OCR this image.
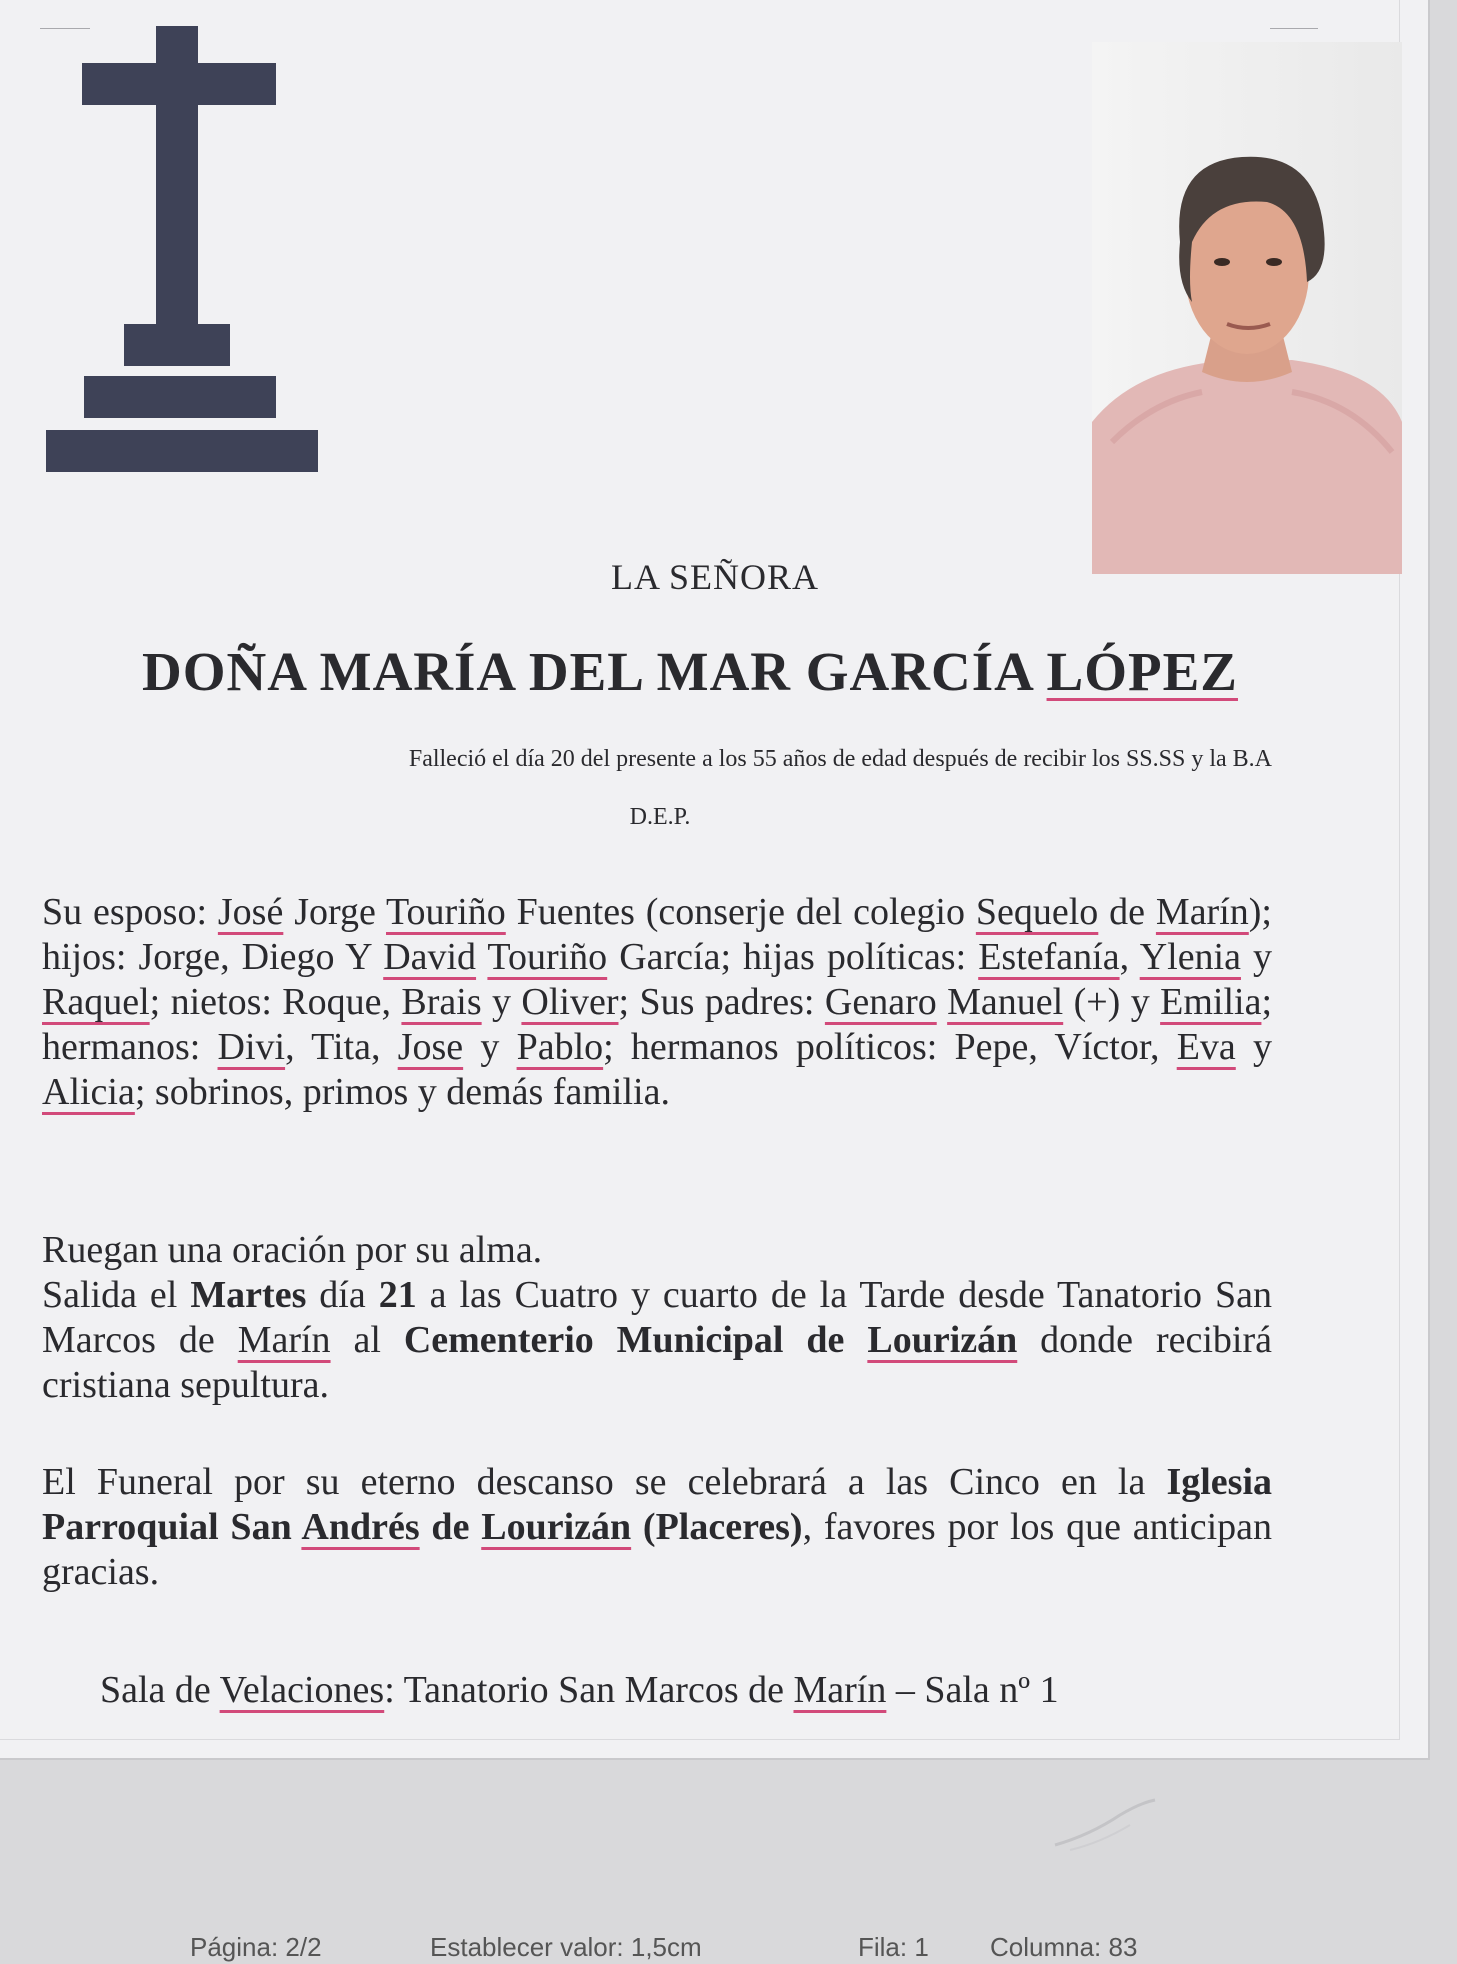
LA SEÑORA
DOÑA MARÍA DEL MAR GARCÍA LÓPEZ
Falleció el día 20 del presente a los 55 años de edad después de recibir los SS.SS y la B.A
D.E.P.
Su esposo: José Jorge Touriño Fuentes (conserje del colegio Sequelo de Marín); hijos: Jorge, Diego Y David Touriño García; hijas políticas: Estefanía, Ylenia y Raquel; nietos: Roque, Brais y Oliver; Sus padres: Genaro Manuel (+) y Emilia; hermanos: Divi, Tita, Jose y Pablo; hermanos políticos: Pepe, Víctor, Eva y Alicia; sobrinos, primos y demás familia.
Ruegan una oración por su alma.
Salida el Martes día 21 a las Cuatro y cuarto de la Tarde desde Tanatorio San Marcos de Marín al Cementerio Municipal de Lourizán donde recibirá cristiana sepultura.
El Funeral por su eterno descanso se celebrará a las Cinco en la Iglesia Parroquial San Andrés de Lourizán (Placeres), favores por los que anticipan gracias.
Sala de Velaciones: Tanatorio San Marcos de Marín – Sala nº 1
Página: 2/2	Establecer valor: 1,5cm	Fila: 1 Columna: 83
